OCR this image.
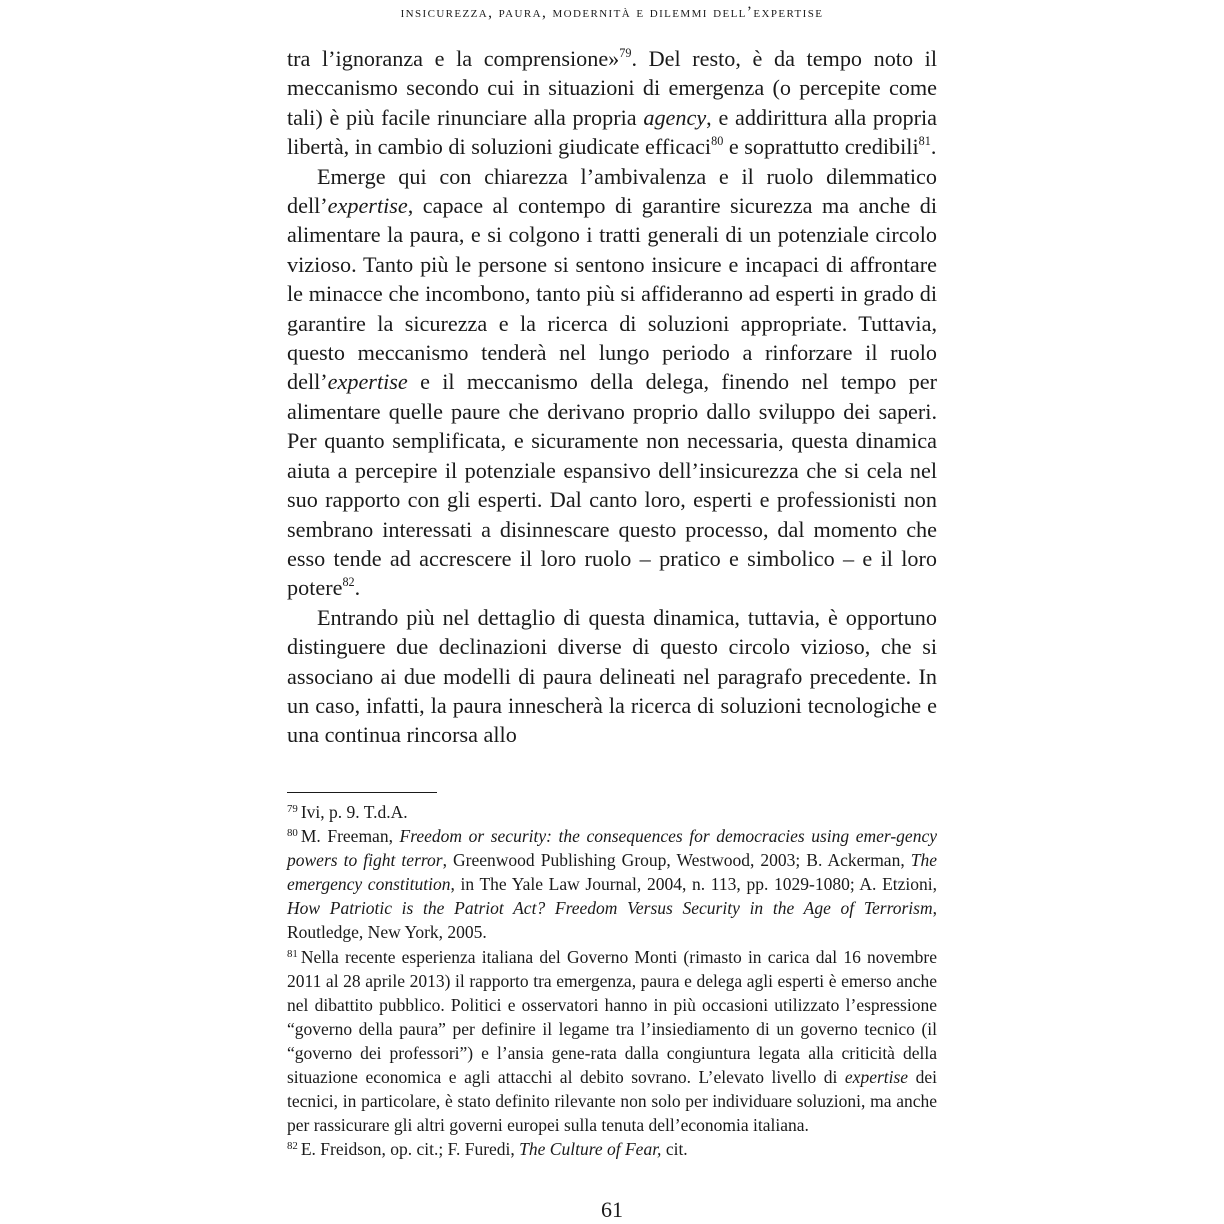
insicurezza, paura, modernità e dilemmi dell’expertise

tra l’ignoranza e la comprensione»$^{79}$. Del resto, è da tempo noto il meccanismo secondo cui in situazioni di emergenza (o percepite come tali) è più facile rinunciare alla propria agency, e addirittura alla propria libertà, in cambio di soluzioni giudicate efficaci$^{80}$ e soprattutto credibili$^{81}$.

Emerge qui con chiarezza l’ambivalenza e il ruolo dilemmatico dell’expertise, capace al contempo di garantire sicurezza ma anche di alimentare la paura, e si colgono i tratti generali di un potenziale circolo vizioso. Tanto più le persone si sentono insicure e incapaci di affrontare le minacce che incombono, tanto più si affideranno ad esperti in grado di garantire la sicurezza e la ricerca di soluzioni appropriate. Tuttavia, questo meccanismo tenderà nel lungo periodo a rinforzare il ruolo dell’expertise e il meccanismo della delega, finendo nel tempo per alimentare quelle paure che derivano proprio dallo sviluppo dei saperi. Per quanto semplificata, e sicuramente non necessaria, questa dinamica aiuta a percepire il potenziale espansivo dell’insicurezza che si cela nel suo rapporto con gli esperti. Dal canto loro, esperti e professionisti non sembrano interessati a disinnescare questo processo, dal momento che esso tende ad accrescere il loro ruolo – pratico e simbolico – e il loro potere$^{82}$.

Entrando più nel dettaglio di questa dinamica, tuttavia, è opportuno distinguere due declinazioni diverse di questo circolo vizioso, che si associano ai due modelli di paura delineati nel paragrafo precedente. In un caso, infatti, la paura innescherà la ricerca di soluzioni tecnologiche e una continua rincorsa allo

$^{79}$ Ivi, p. 9. T.d.A.

$^{80}$ M. Freeman, Freedom or security: the consequences for democracies using emer-gency powers to fight terror, Greenwood Publishing Group, Westwood, 2003; B. Ackerman, The emergency constitution, in The Yale Law Journal, 2004, n. 113, pp. 1029-1080; A. Etzioni, How Patriotic is the Patriot Act? Freedom Versus Security in the Age of Terrorism, Routledge, New York, 2005.

$^{81}$ Nella recente esperienza italiana del Governo Monti (rimasto in carica dal 16 novembre 2011 al 28 aprile 2013) il rapporto tra emergenza, paura e delega agli esperti è emerso anche nel dibattito pubblico. Politici e osservatori hanno in più occasioni utilizzato l’espressione “governo della paura” per definire il legame tra l’insiediamento di un governo tecnico (il “governo dei professori”) e l’ansia gene-rata dalla congiuntura legata alla criticità della situazione economica e agli attacchi al debito sovrano. L’elevato livello di expertise dei tecnici, in particolare, è stato definito rilevante non solo per individuare soluzioni, ma anche per rassicurare gli altri governi europei sulla tenuta dell’economia italiana.

$^{82}$ E. Freidson, op. cit.; F. Furedi, The Culture of Fear, cit.

61
